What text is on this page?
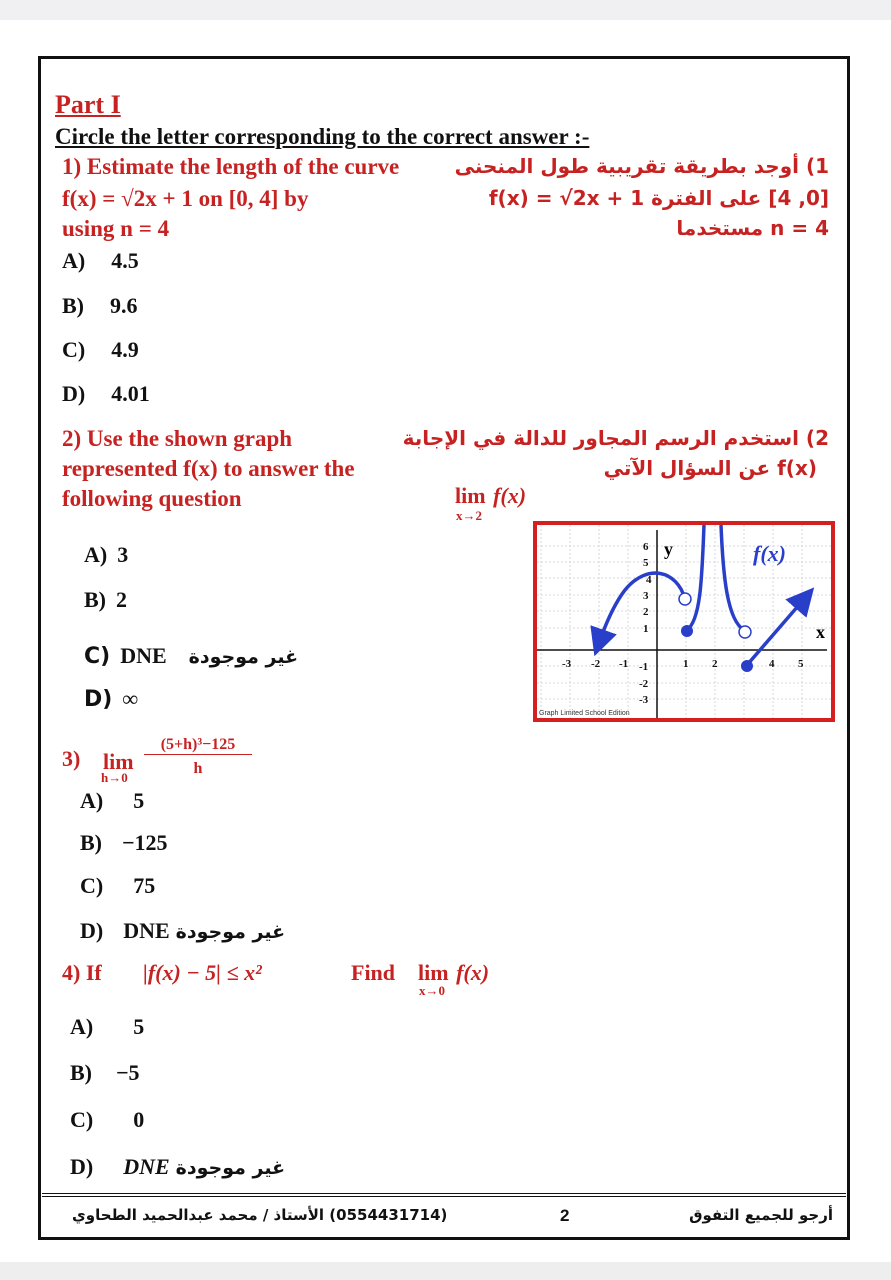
Part I
Circle the letter corresponding to the correct answer :-
1) Estimate the length of the curve
f(x) = √2x + 1 on [0, 4] by
using n = 4
1) أوجد بطريقة تقريبية طول المنحنى
[0, 4] على الفترة f(x) = √2x + 1
n = 4 مستخدما
A) 4.5
B) 9.6
C) 4.9
D) 4.01
2) Use the shown graph
represented f(x) to answer the
following question
2) استخدم الرسم المجاور للدالة في الإجابة
f(x) عن السؤال الآتي
lim f(x)
x→2
A) 3
B) 2
C) DNE غير موجودة
D) ∞
x
y
-3 -2 -1	1 2	4 5
6
5
4
3
2
1
-1
-2
-3
f(x)
Graph Limited School Edition
3) lim
h→0
(5+h)³−125
h
A) 5
B) −125
C) 75
D) DNE غير موجودة
4) If |f(x) − 5| ≤ x²	Find lim f(x)
x→0
A) 5
B) −5
C) 0
D) DNE غير موجودة
(0554431714) الأستاذ / محمد عبدالحميد الطحاوي	2	أرجو للجميع التفوق
